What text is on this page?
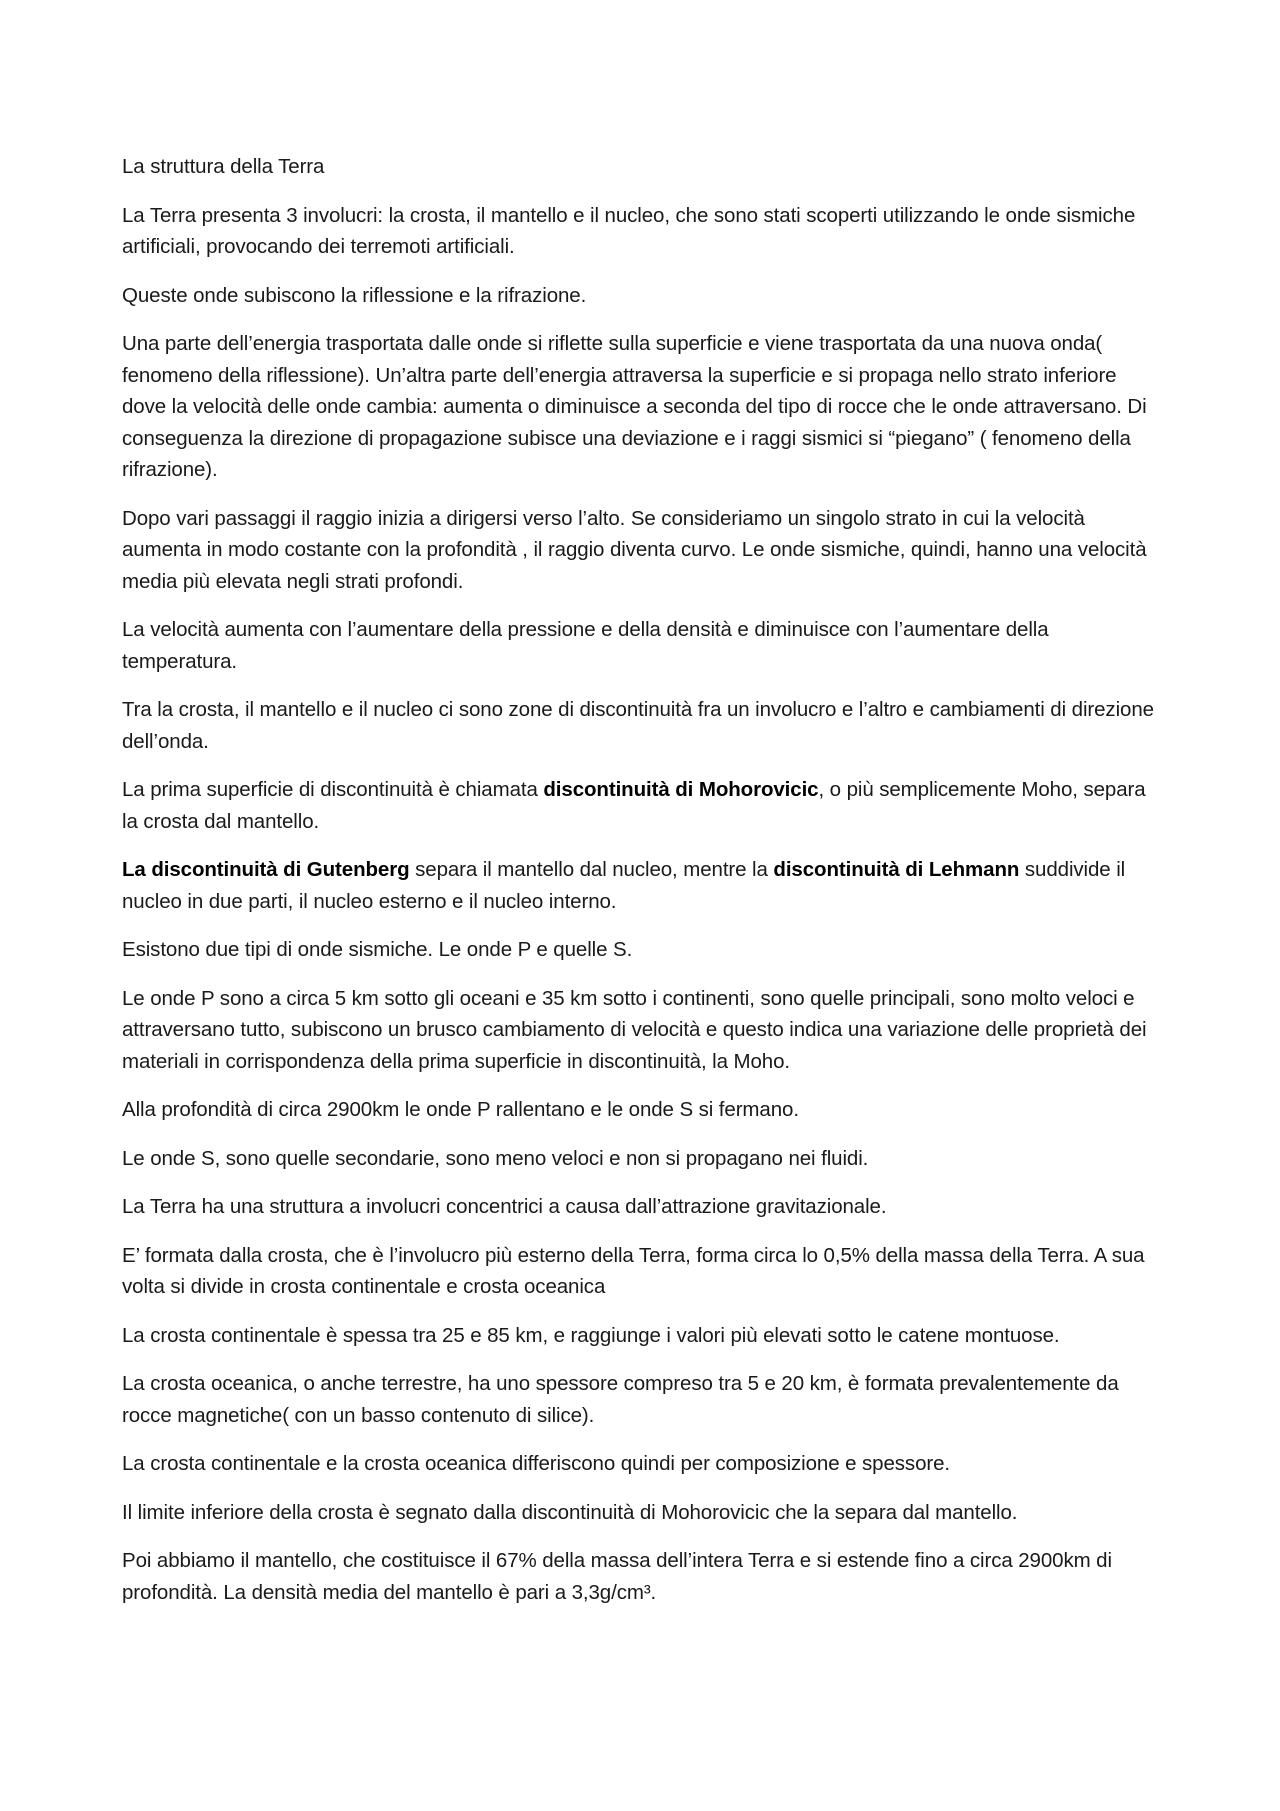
La struttura della Terra

La Terra presenta 3 involucri: la crosta, il mantello e il nucleo, che sono stati scoperti utilizzando le onde sismiche artificiali, provocando dei terremoti artificiali.

Queste onde subiscono la riflessione e la rifrazione.

Una parte dell’energia trasportata dalle onde si riflette sulla superficie e viene trasportata da una nuova onda( fenomeno della riflessione). Un’altra parte dell’energia attraversa la superficie e si propaga nello strato inferiore dove la velocità delle onde cambia: aumenta o diminuisce a seconda del tipo di rocce che le onde attraversano. Di conseguenza la direzione di propagazione subisce una deviazione e i raggi sismici si “piegano” ( fenomeno della rifrazione).

Dopo vari passaggi il raggio inizia a dirigersi verso l’alto. Se consideriamo un singolo strato in cui la velocità aumenta in modo costante con la profondità , il raggio diventa curvo. Le onde sismiche, quindi, hanno una velocità media più elevata negli strati profondi.

La velocità aumenta con l’aumentare della pressione e della densità e diminuisce con l’aumentare della temperatura.

Tra la crosta, il mantello e il nucleo ci sono zone di discontinuità fra un involucro e l’altro e cambiamenti di direzione dell’onda.

La prima superficie di discontinuità è chiamata discontinuità di Mohorovicic, o più semplicemente Moho, separa la crosta dal mantello.

La discontinuità di Gutenberg separa il mantello dal nucleo, mentre la discontinuità di Lehmann suddivide il nucleo in due parti, il nucleo esterno e il nucleo interno.

Esistono due tipi di onde sismiche. Le onde P e quelle S.

Le onde P sono a circa 5 km sotto gli oceani e 35 km sotto i continenti, sono quelle principali, sono molto veloci e attraversano tutto, subiscono un brusco cambiamento di velocità e questo indica una variazione delle proprietà dei materiali in corrispondenza della prima superficie in discontinuità, la Moho.

Alla profondità di circa 2900km le onde P rallentano e le onde S si fermano.

Le onde S, sono quelle secondarie, sono meno veloci e non si propagano nei fluidi.

La Terra ha una struttura a involucri concentrici a causa dall’attrazione gravitazionale.

E’ formata dalla crosta, che è l’involucro più esterno della Terra, forma circa lo 0,5% della massa della Terra. A sua volta si divide in crosta continentale e crosta oceanica

La crosta continentale è spessa tra 25 e 85 km, e raggiunge i valori più elevati sotto le catene montuose.

La crosta oceanica, o anche terrestre, ha uno spessore compreso tra 5 e 20 km, è formata prevalentemente da rocce magnetiche( con un basso contenuto di silice).

La crosta continentale e la crosta oceanica differiscono quindi per composizione e spessore.

Il limite inferiore della crosta è segnato dalla discontinuità di Mohorovicic che la separa dal mantello.

Poi abbiamo il mantello, che costituisce il 67% della massa dell’intera Terra e si estende fino a circa 2900km di profondità. La densità media del mantello è pari a 3,3g/cm³.
